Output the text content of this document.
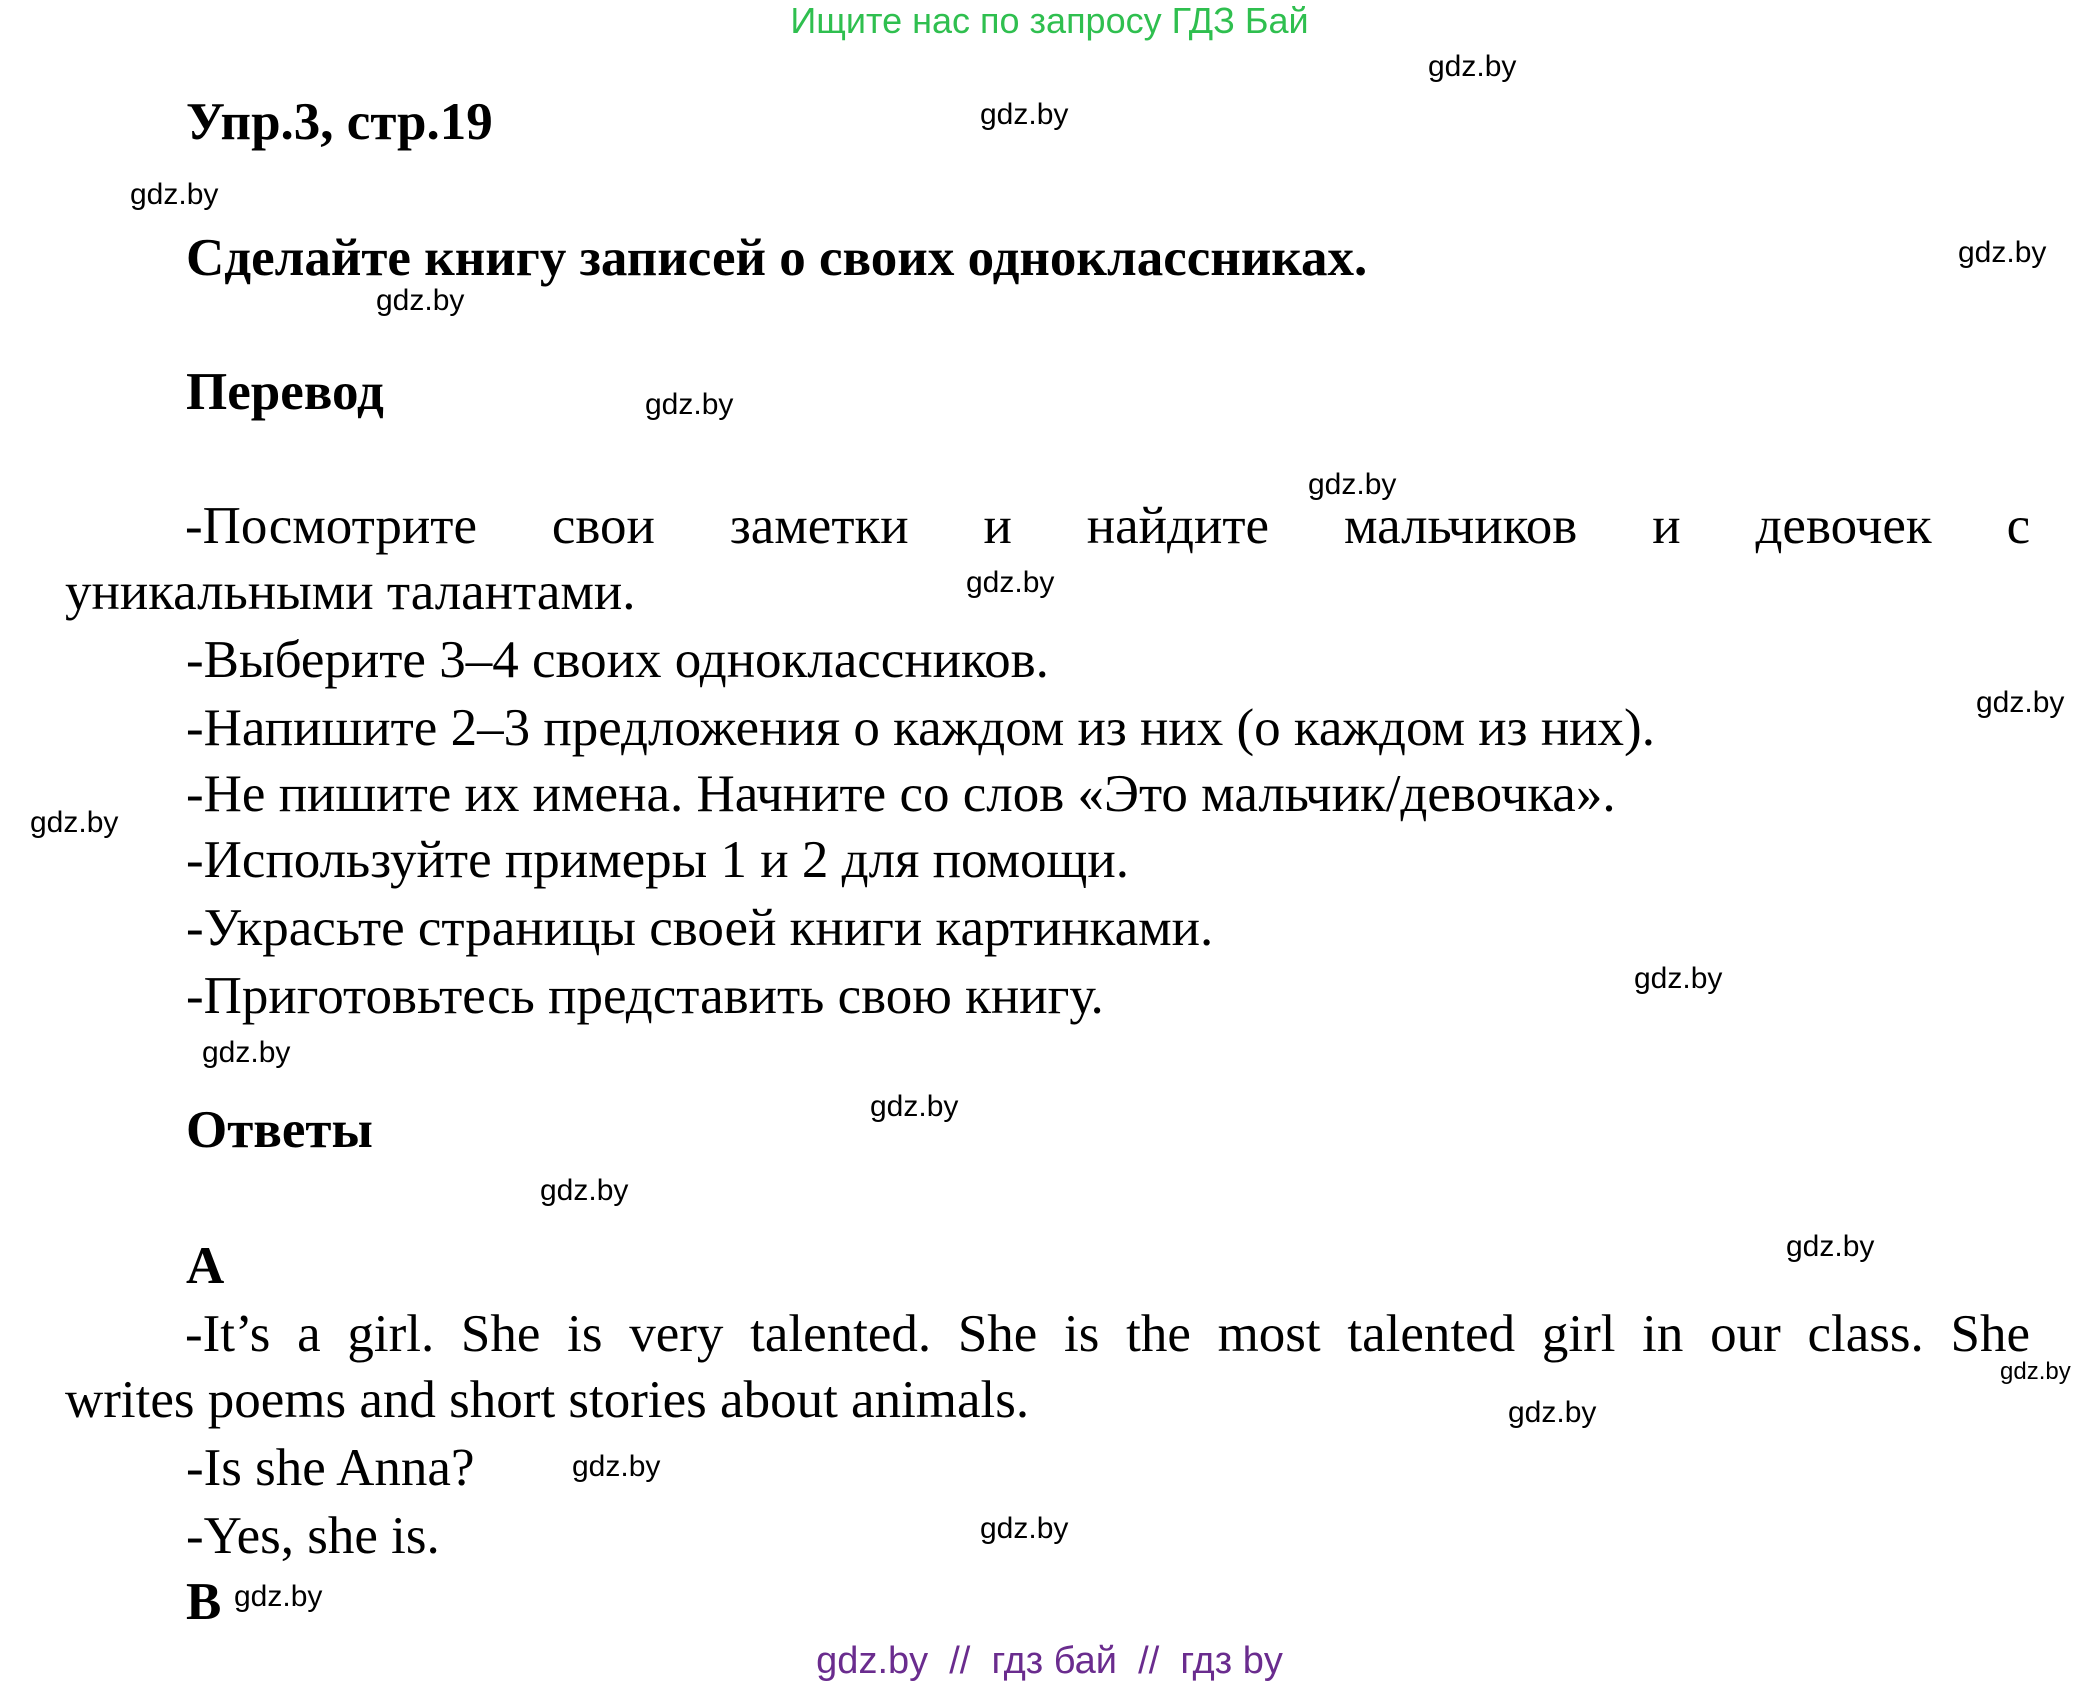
Ищите нас по запросу ГДЗ Бай
Упр.3, стр.19
Сделайте книгу записей о своих одноклассниках.
Перевод
-Посмотрите свои заметки и найдите мальчиков и девочек с
уникальными талантами.
-Выберите 3–4 своих одноклассников.
-Напишите 2–3 предложения о каждом из них (о каждом из них).
-Не пишите их имена. Начните со слов «Это мальчик/девочка».
-Используйте примеры 1 и 2 для помощи.
-Украсьте страницы своей книги картинками.
-Приготовьтесь представить свою книгу.
Ответы
A
-It’s a girl. She is very talented. She is the most talented girl in our class. She
writes poems and short stories about animals.
-Is she Anna?
-Yes, she is.
B
gdz.by
gdz.by
gdz.by
gdz.by
gdz.by
gdz.by
gdz.by
gdz.by
gdz.by
gdz.by
gdz.by
gdz.by
gdz.by
gdz.by
gdz.by
gdz.by
gdz.by
gdz.by
gdz.by
gdz.by
gdz.by  //  гдз бай  //  гдз by
